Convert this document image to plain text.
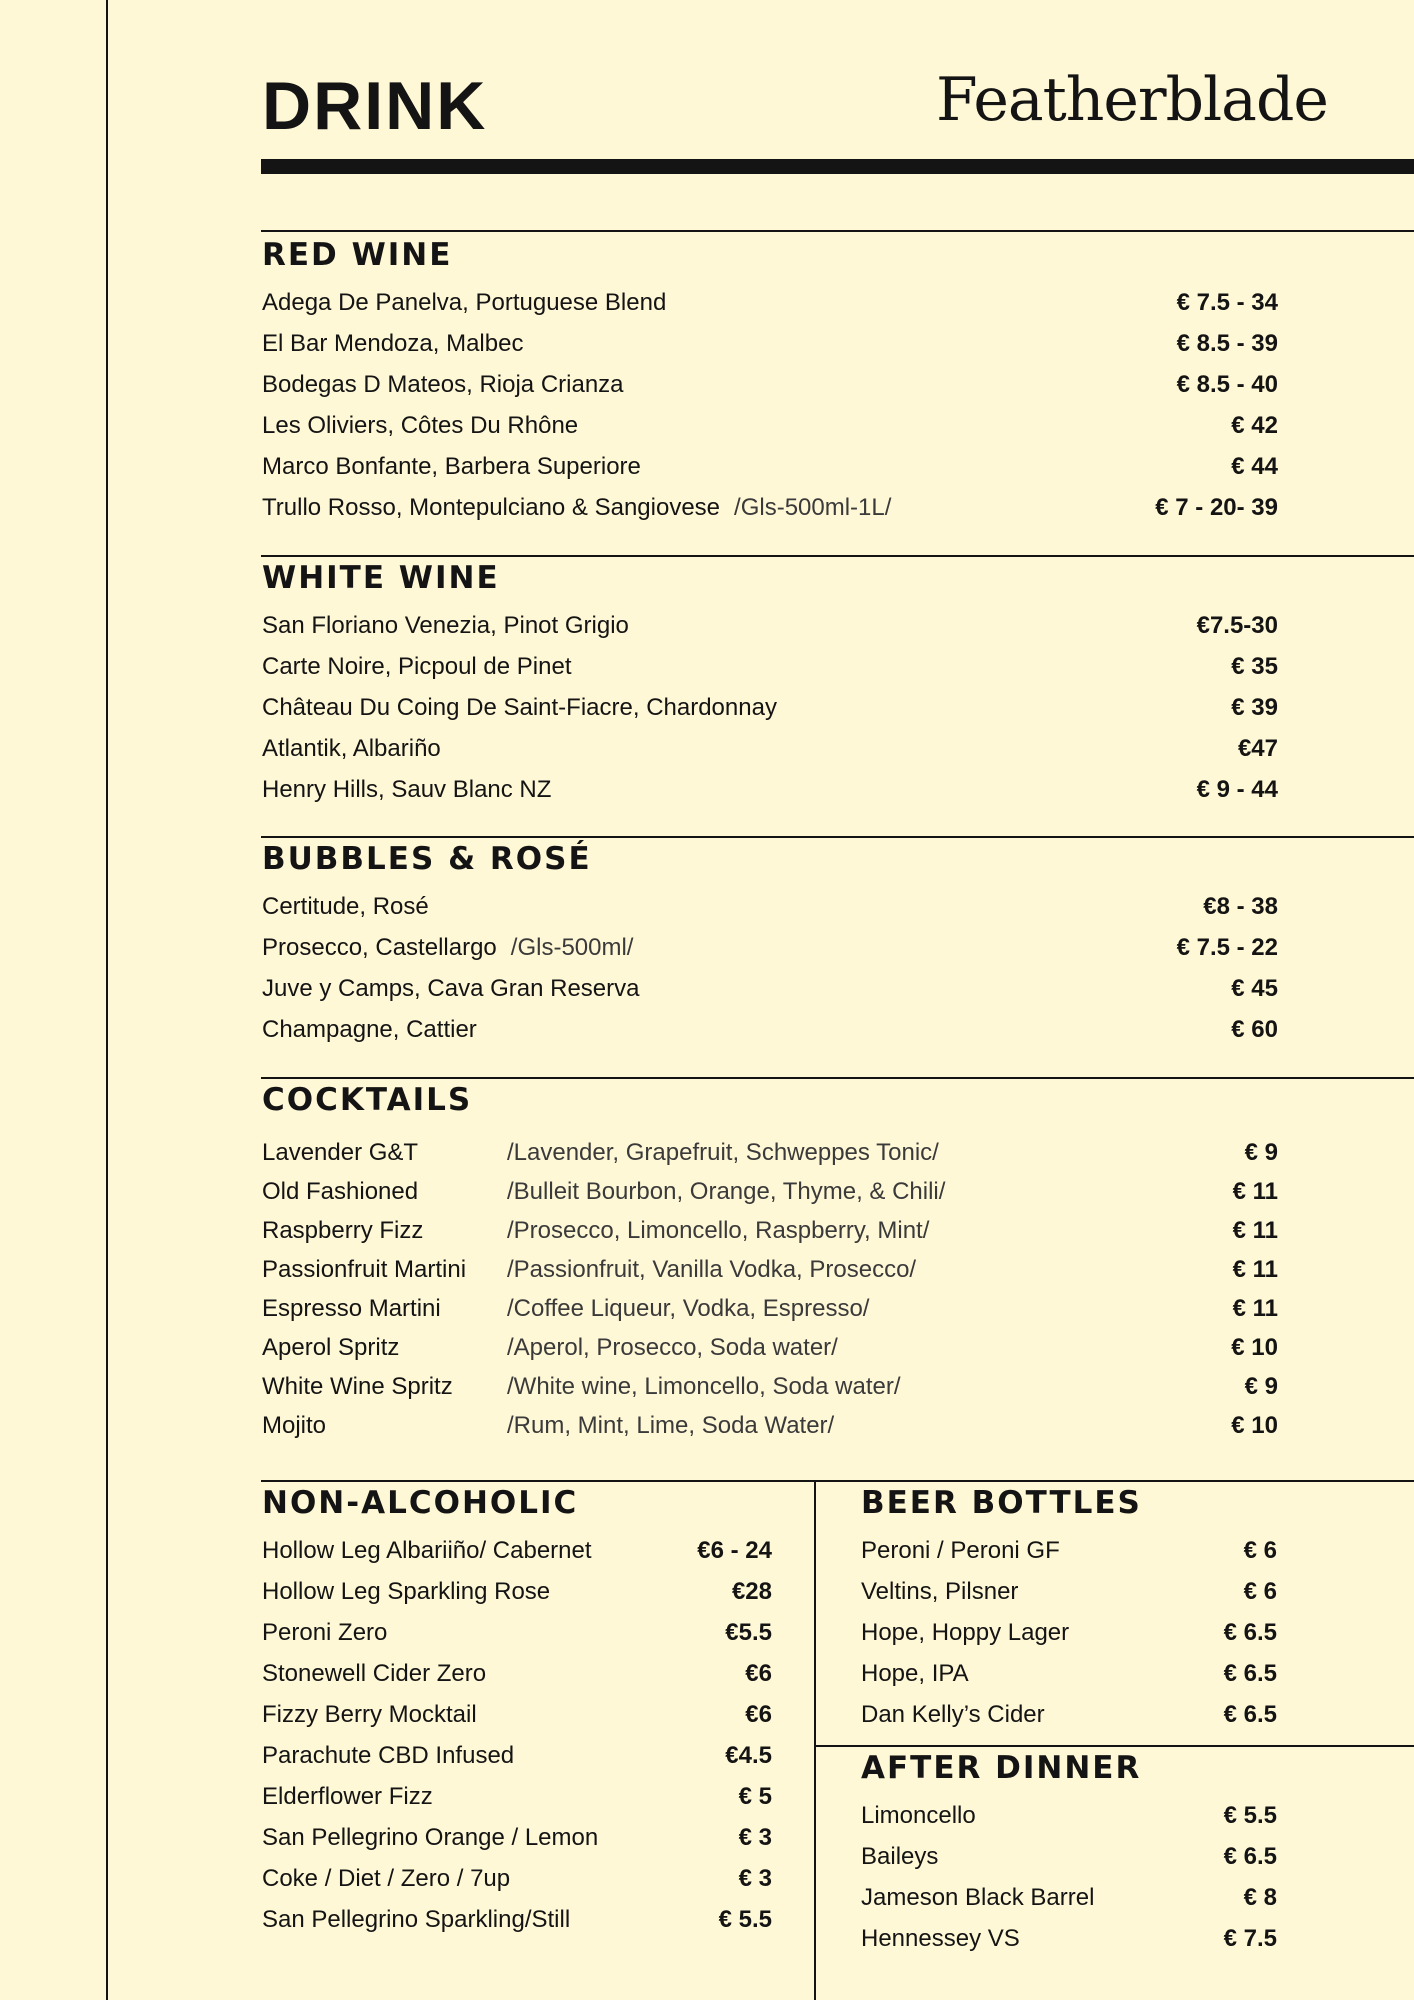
DRINK	Featherblade
RED WINE
Adega De Panelva, Portuguese Blend	€ 7.5 - 34
El Bar Mendoza, Malbec	€ 8.5 - 39
Bodegas D Mateos, Rioja Crianza	€ 8.5 - 40
Les Oliviers, Côtes Du Rhône	€ 42
Marco Bonfante, Barbera Superiore	€ 44
Trullo Rosso, Montepulciano & Sangiovese /Gls-500ml-1L/	€ 7 - 20- 39
WHITE WINE
San Floriano Venezia, Pinot Grigio	€7.5-30
Carte Noire, Picpoul de Pinet	€ 35
Château Du Coing De Saint-Fiacre, Chardonnay	€ 39
Atlantik, Albariño	€47
Henry Hills, Sauv Blanc NZ	€ 9 - 44
BUBBLES & ROSÉ
Certitude, Rosé	€8 - 38
Prosecco, Castellargo /Gls-500ml/	€ 7.5 - 22
Juve y Camps, Cava Gran Reserva	€ 45
Champagne, Cattier	€ 60
COCKTAILS
Lavender G&T	/Lavender, Grapefruit, Schweppes Tonic/	€ 9
Old Fashioned	/Bulleit Bourbon, Orange, Thyme, & Chili/	€ 11
Raspberry Fizz	/Prosecco, Limoncello, Raspberry, Mint/	€ 11
Passionfruit Martini /Passionfruit, Vanilla Vodka, Prosecco/	€ 11
Espresso Martini	/Coffee Liqueur, Vodka, Espresso/	€ 11
Aperol Spritz	/Aperol, Prosecco, Soda water/	€ 10
White Wine Spritz /White wine, Limoncello, Soda water/	€ 9
Mojito	/Rum, Mint, Lime, Soda Water/	€ 10
NON-ALCOHOLIC
Hollow Leg Albariiño/ Cabernet	€6 - 24
Hollow Leg Sparkling Rose	€28
Peroni Zero	€5.5
Stonewell Cider Zero	€6
Fizzy Berry Mocktail	€6
Parachute CBD Infused	€4.5
Elderflower Fizz	€ 5
San Pellegrino Orange / Lemon	€ 3
Coke / Diet / Zero / 7up	€ 3
San Pellegrino Sparkling/Still	€ 5.5
BEER BOTTLES
Peroni / Peroni GF	€ 6
Veltins, Pilsner	€ 6
Hope, Hoppy Lager	€ 6.5
Hope, IPA	€ 6.5
Dan Kelly’s Cider	€ 6.5
AFTER DINNER
Limoncello	€ 5.5
Baileys	€ 6.5
Jameson Black Barrel	€ 8
Hennessey VS	€ 7.5
